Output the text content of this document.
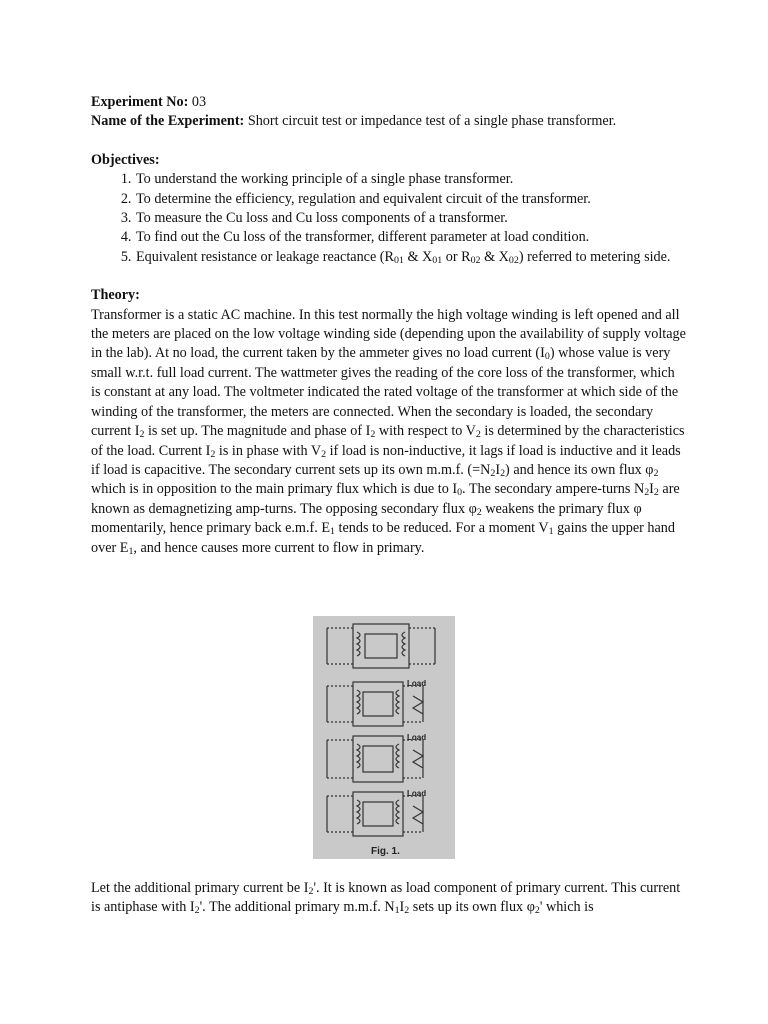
Experiment No: 03

Name of the Experiment: Short circuit test or impedance test of a single phase transformer.

Objectives:

1. To understand the working principle of a single phase transformer.
2. To determine the efficiency, regulation and equivalent circuit of the transformer.
3. To measure the Cu loss and Cu loss components of a transformer.
4. To find out the Cu loss of the transformer, different parameter at load condition.
5. Equivalent resistance or leakage reactance ($R_{01}$ & $X_{01}$ or $R_{02}$ & $X_{02}$) referred to metering side.

Theory:

Transformer is a static AC machine. In this test normally the high voltage winding is left opened and all the meters are placed on the low voltage winding side (depending upon the availability of supply voltage in the lab). At no load, the current taken by the ammeter gives no load current $(I_0)$ whose value is very small w.r.t. full load current. The wattmeter gives the reading of the core loss of the transformer, which is constant at any load. The voltmeter indicated the rated voltage of the transformer at which side of the winding of the transformer, the meters are connected. When the secondary is loaded, the secondary current $I_2$ is set up. The magnitude and phase of $I_2$ with respect to $V_2$ is determined by the characteristics of the load. Current $I_2$ is in phase with $V_2$ if load is non-inductive, it lags if load is inductive and it leads if load is capacitive. The secondary current sets up its own m.m.f. $(=N_2I_2)$ and hence its own flux $\varphi_2$ which is in opposition to the main primary flux which is due to $I_0$. The secondary ampere-turns $N_2I_2$ are known as demagnetizing amp-turns. The opposing secondary flux $\varphi_2$ weakens the primary flux φ momentarily, hence primary back e.m.f. $E_1$ tends to be reduced. For a moment $V_1$ gains the upper hand over $E_1$, and hence causes more current to flow in primary.

Load
Load
Load
Fig. 1.

Let the additional primary current be $I_2'$. It is known as load component of primary current. This current is antiphase with $I_2'$. The additional primary m.m.f. $N_1I_2$ sets up its own flux $\varphi_2'$ which is
